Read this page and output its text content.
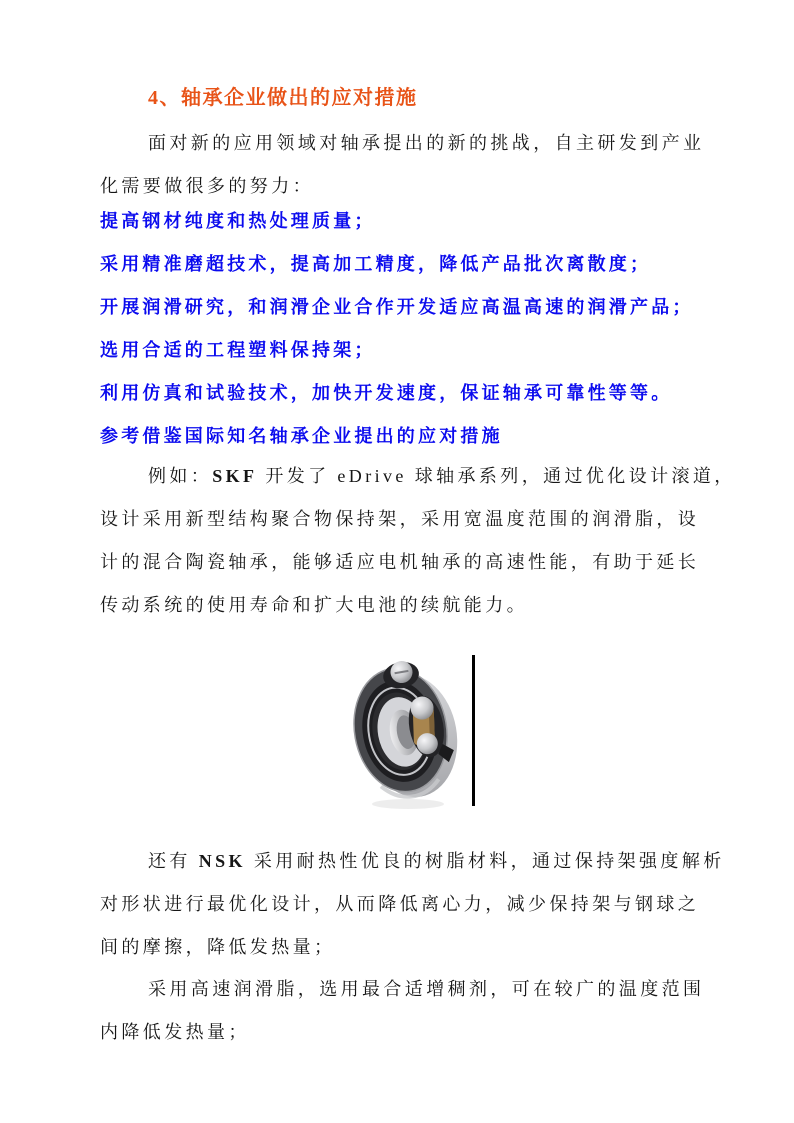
4、轴承企业做出的应对措施
面对新的应用领域对轴承提出的新的挑战，自主研发到产业
化需要做很多的努力：
提高钢材纯度和热处理质量；
采用精准磨超技术，提高加工精度，降低产品批次离散度；
开展润滑研究，和润滑企业合作开发适应高温高速的润滑产品；
选用合适的工程塑料保持架；
利用仿真和试验技术，加快开发速度，保证轴承可靠性等等。
参考借鉴国际知名轴承企业提出的应对措施
例如：SKF 开发了 eDrive 球轴承系列，通过优化设计滚道，
设计采用新型结构聚合物保持架，采用宽温度范围的润滑脂，设
计的混合陶瓷轴承，能够适应电机轴承的高速性能，有助于延长
传动系统的使用寿命和扩大电池的续航能力。
还有 NSK 采用耐热性优良的树脂材料，通过保持架强度解析
对形状进行最优化设计，从而降低离心力，减少保持架与钢球之
间的摩擦，降低发热量；
采用高速润滑脂，选用最合适增稠剂，可在较广的温度范围
内降低发热量；
